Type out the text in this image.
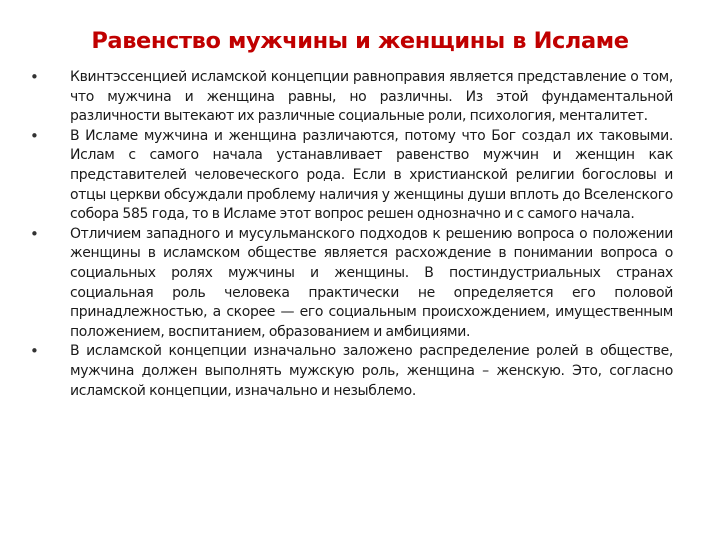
Равенство мужчины и женщины в Исламе
• Квинтэссенцией исламской концепции равноправия является представление о том, что мужчина и женщина равны, но различны. Из этой фундаментальной различности вытекают их различные социальные роли, психология, менталитет.
• В Исламе мужчина и женщина различаются, потому что Бог создал их таковыми. Ислам с самого начала устанавливает равенство мужчин и женщин как представителей человеческого рода. Если в христианской религии богословы и отцы церкви обсуждали проблему наличия у женщины души вплоть до Вселенского собора 585 года, то в Исламе этот вопрос решен однозначно и с самого начала.
• Отличием западного и мусульманского подходов к решению вопроса о положении женщины в исламском обществе является расхождение в понимании вопроса о социальных ролях мужчины и женщины. В постиндустриальных странах социальная роль человека практически не определяется его половой принадлежностью, а скорее — его социальным происхождением, имущественным положением, воспитанием, образованием и амбициями.
• В исламской концепции изначально заложено распределение ролей в обществе, мужчина должен выполнять мужскую роль, женщина – женскую. Это, согласно исламской концепции, изначально и незыблемо.
